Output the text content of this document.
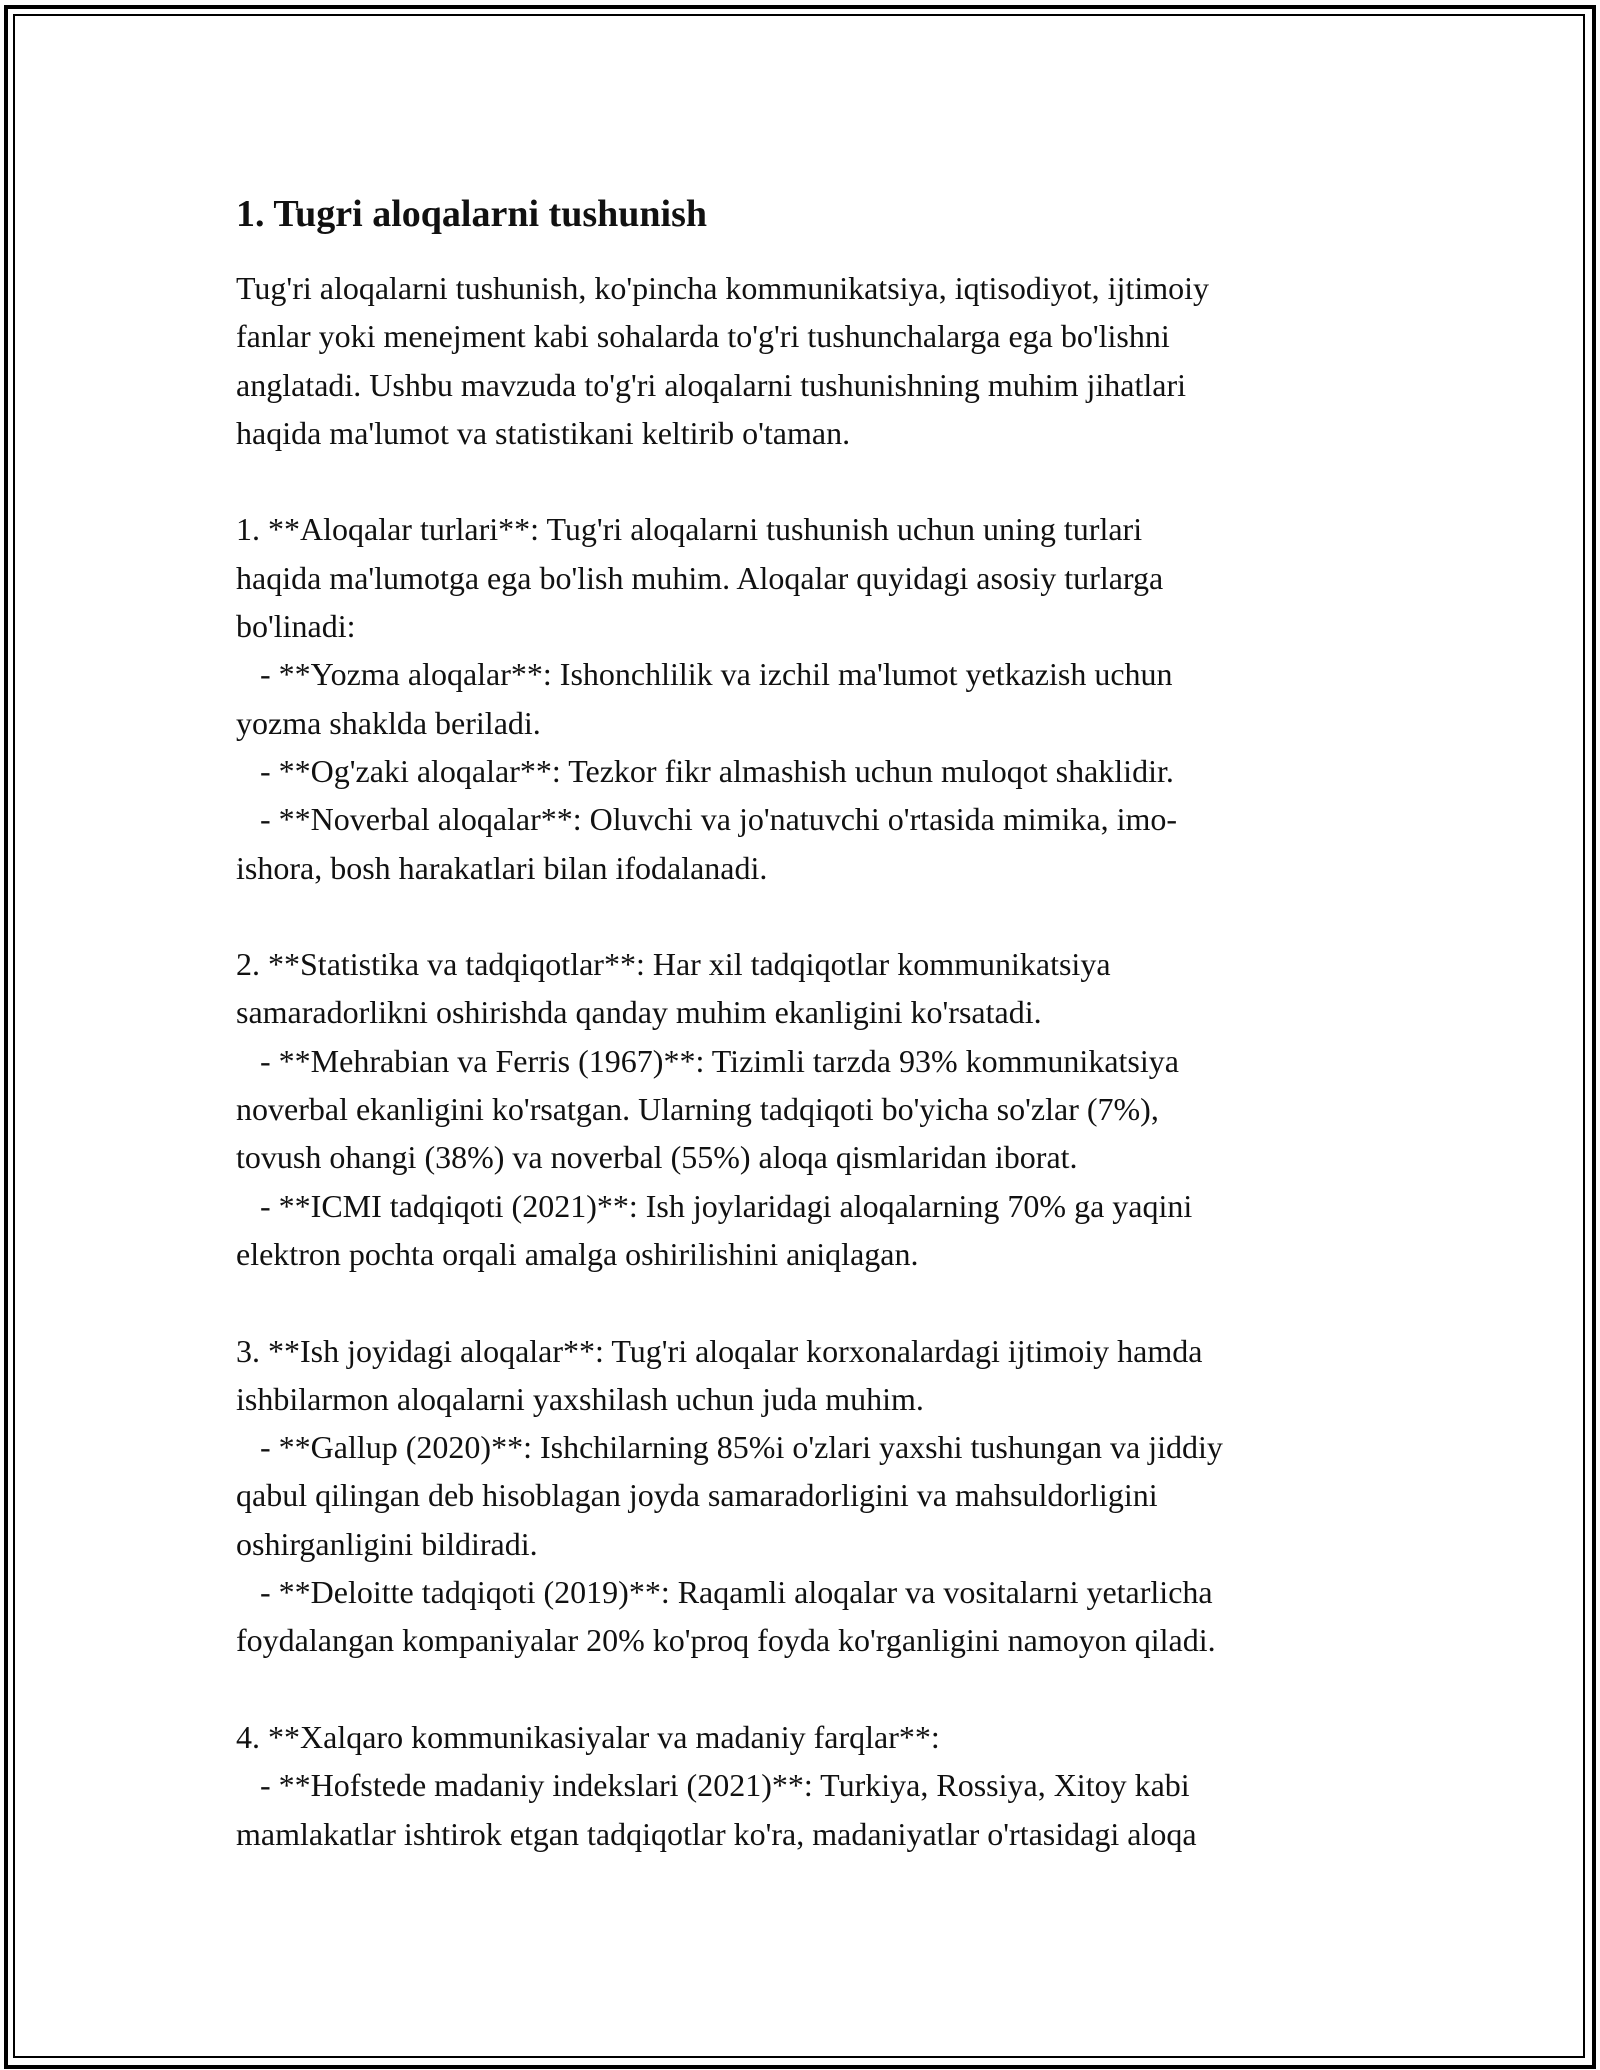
1. Tugri aloqalarni tushunish

Tug'ri aloqalarni tushunish, ko'pincha kommunikatsiya, iqtisodiyot, ijtimoiy
fanlar yoki menejment kabi sohalarda to'g'ri tushunchalarga ega bo'lishni
anglatadi. Ushbu mavzuda to'g'ri aloqalarni tushunishning muhim jihatlari
haqida ma'lumot va statistikani keltirib o'taman.

1. **Aloqalar turlari**: Tug'ri aloqalarni tushunish uchun uning turlari
haqida ma'lumotga ega bo'lish muhim. Aloqalar quyidagi asosiy turlarga
bo'linadi:
- **Yozma aloqalar**: Ishonchlilik va izchil ma'lumot yetkazish uchun
yozma shaklda beriladi.
- **Og'zaki aloqalar**: Tezkor fikr almashish uchun muloqot shaklidir.
- **Noverbal aloqalar**: Oluvchi va jo'natuvchi o'rtasida mimika, imo-
ishora, bosh harakatlari bilan ifodalanadi.

2. **Statistika va tadqiqotlar**: Har xil tadqiqotlar kommunikatsiya
samaradorlikni oshirishda qanday muhim ekanligini ko'rsatadi.
- **Mehrabian va Ferris (1967)**: Tizimli tarzda 93% kommunikatsiya
noverbal ekanligini ko'rsatgan. Ularning tadqiqoti bo'yicha so'zlar (7%),
tovush ohangi (38%) va noverbal (55%) aloqa qismlaridan iborat.
- **ICMI tadqiqoti (2021)**: Ish joylaridagi aloqalarning 70% ga yaqini
elektron pochta orqali amalga oshirilishini aniqlagan.

3. **Ish joyidagi aloqalar**: Tug'ri aloqalar korxonalardagi ijtimoiy hamda
ishbilarmon aloqalarni yaxshilash uchun juda muhim.
- **Gallup (2020)**: Ishchilarning 85%i o'zlari yaxshi tushungan va jiddiy
qabul qilingan deb hisoblagan joyda samaradorligini va mahsuldorligini
oshirganligini bildiradi.
- **Deloitte tadqiqoti (2019)**: Raqamli aloqalar va vositalarni yetarlicha
foydalangan kompaniyalar 20% ko'proq foyda ko'rganligini namoyon qiladi.

4. **Xalqaro kommunikasiyalar va madaniy farqlar**:
- **Hofstede madaniy indekslari (2021)**: Turkiya, Rossiya, Xitoy kabi
mamlakatlar ishtirok etgan tadqiqotlar ko'ra, madaniyatlar o'rtasidagi aloqa
